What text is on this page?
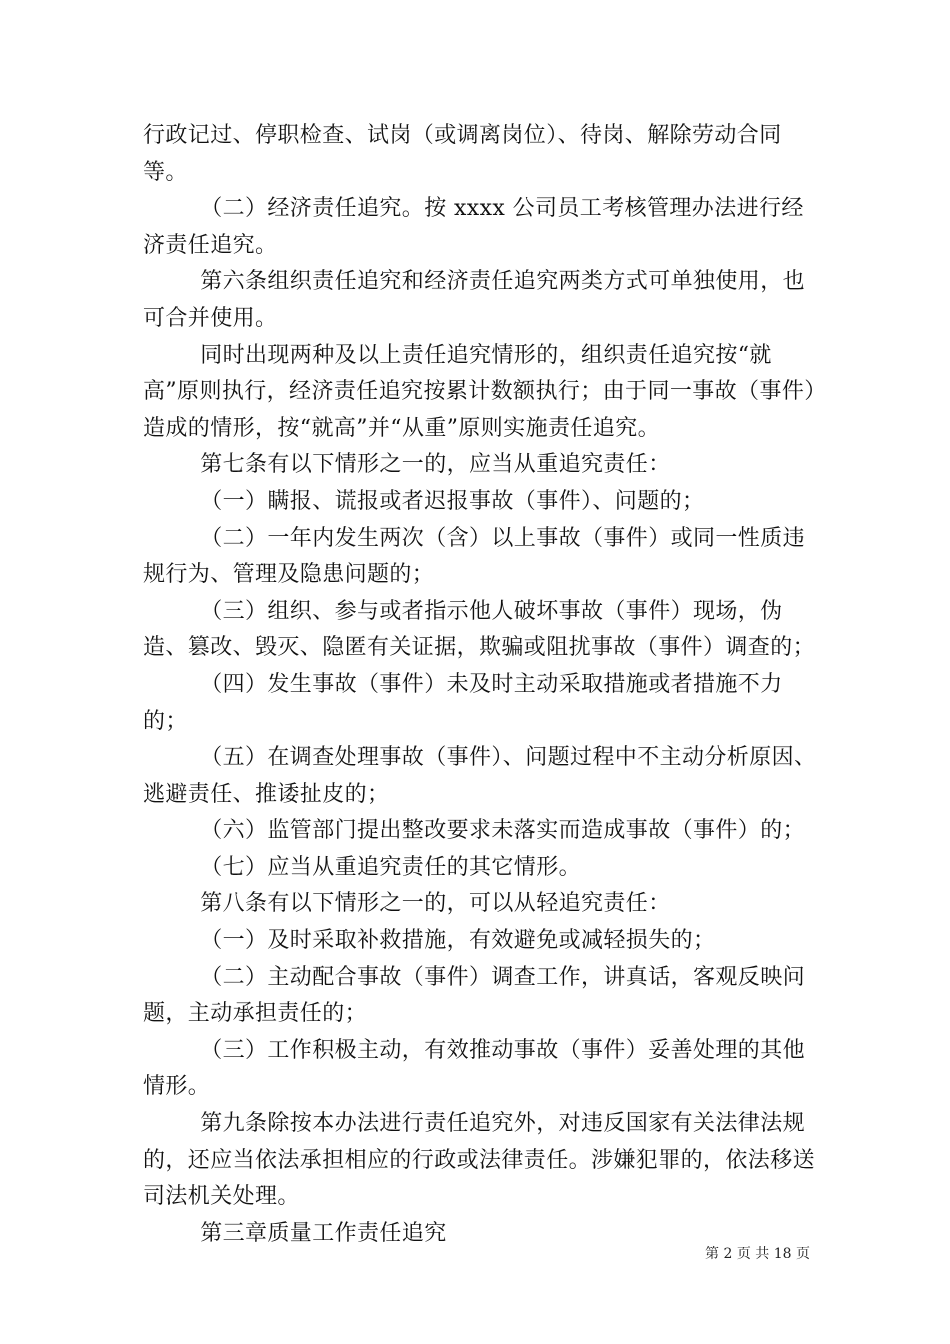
行政记过、停职检查、试岗（或调离岗位）、待岗、解除劳动合同等。

（二）经济责任追究。按 xxxx 公司员工考核管理办法进行经济责任追究。

第六条组织责任追究和经济责任追究两类方式可单独使用，也可合并使用。

同时出现两种及以上责任追究情形的，组织责任追究按“就高”原则执行，经济责任追究按累计数额执行；由于同一事故（事件）造成的情形，按“就高”并“从重”原则实施责任追究。

第七条有以下情形之一的，应当从重追究责任：

（一）瞒报、谎报或者迟报事故（事件）、问题的；

（二）一年内发生两次（含）以上事故（事件）或同一性质违规行为、管理及隐患问题的；

（三）组织、参与或者指示他人破坏事故（事件）现场，伪造、篡改、毁灭、隐匿有关证据，欺骗或阻扰事故（事件）调查的；

（四）发生事故（事件）未及时主动采取措施或者措施不力的；

（五）在调查处理事故（事件）、问题过程中不主动分析原因、逃避责任、推诿扯皮的；

（六）监管部门提出整改要求未落实而造成事故（事件）的；

（七）应当从重追究责任的其它情形。

第八条有以下情形之一的，可以从轻追究责任：

（一）及时采取补救措施，有效避免或减轻损失的；

（二）主动配合事故（事件）调查工作，讲真话，客观反映问题，主动承担责任的；

（三）工作积极主动，有效推动事故（事件）妥善处理的其他情形。

第九条除按本办法进行责任追究外，对违反国家有关法律法规的，还应当依法承担相应的行政或法律责任。涉嫌犯罪的，依法移送司法机关处理。

第三章质量工作责任追究

第 2 页 共 18 页
